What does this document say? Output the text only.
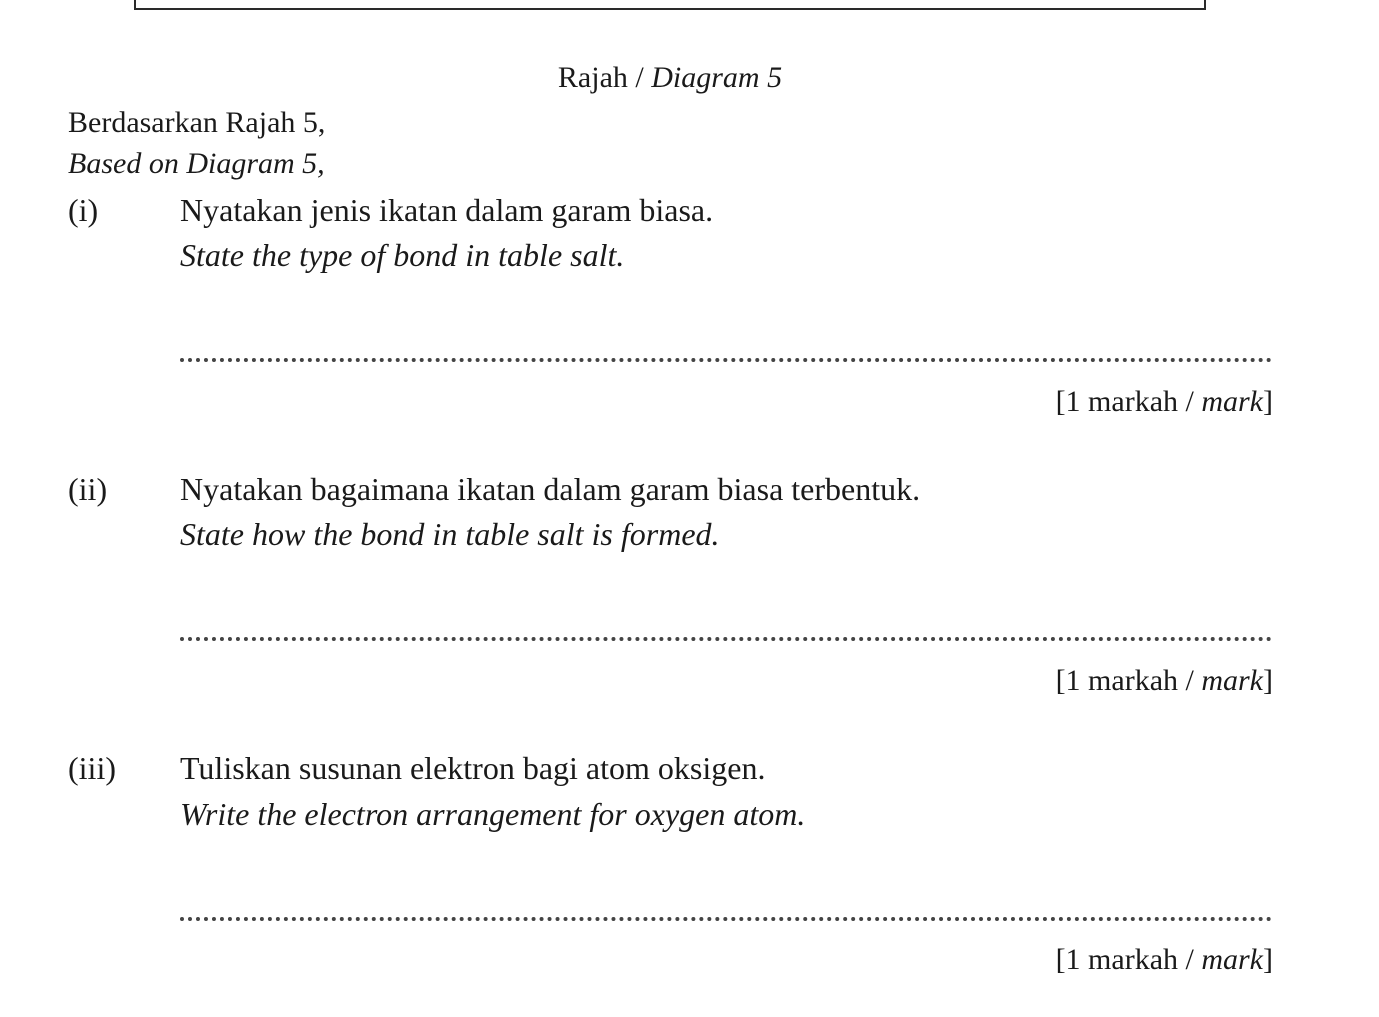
Rajah / Diagram 5
Berdasarkan Rajah 5,
Based on Diagram 5,
(i)	Nyatakan jenis ikatan dalam garam biasa.
State the type of bond in table salt.
[1 markah / mark]
(ii) Nyatakan bagaimana ikatan dalam garam biasa terbentuk.
State how the bond in table salt is formed.
[1 markah / mark]
(iii) Tuliskan susunan elektron bagi atom oksigen.
Write the electron arrangement for oxygen atom.
[1 markah / mark]
